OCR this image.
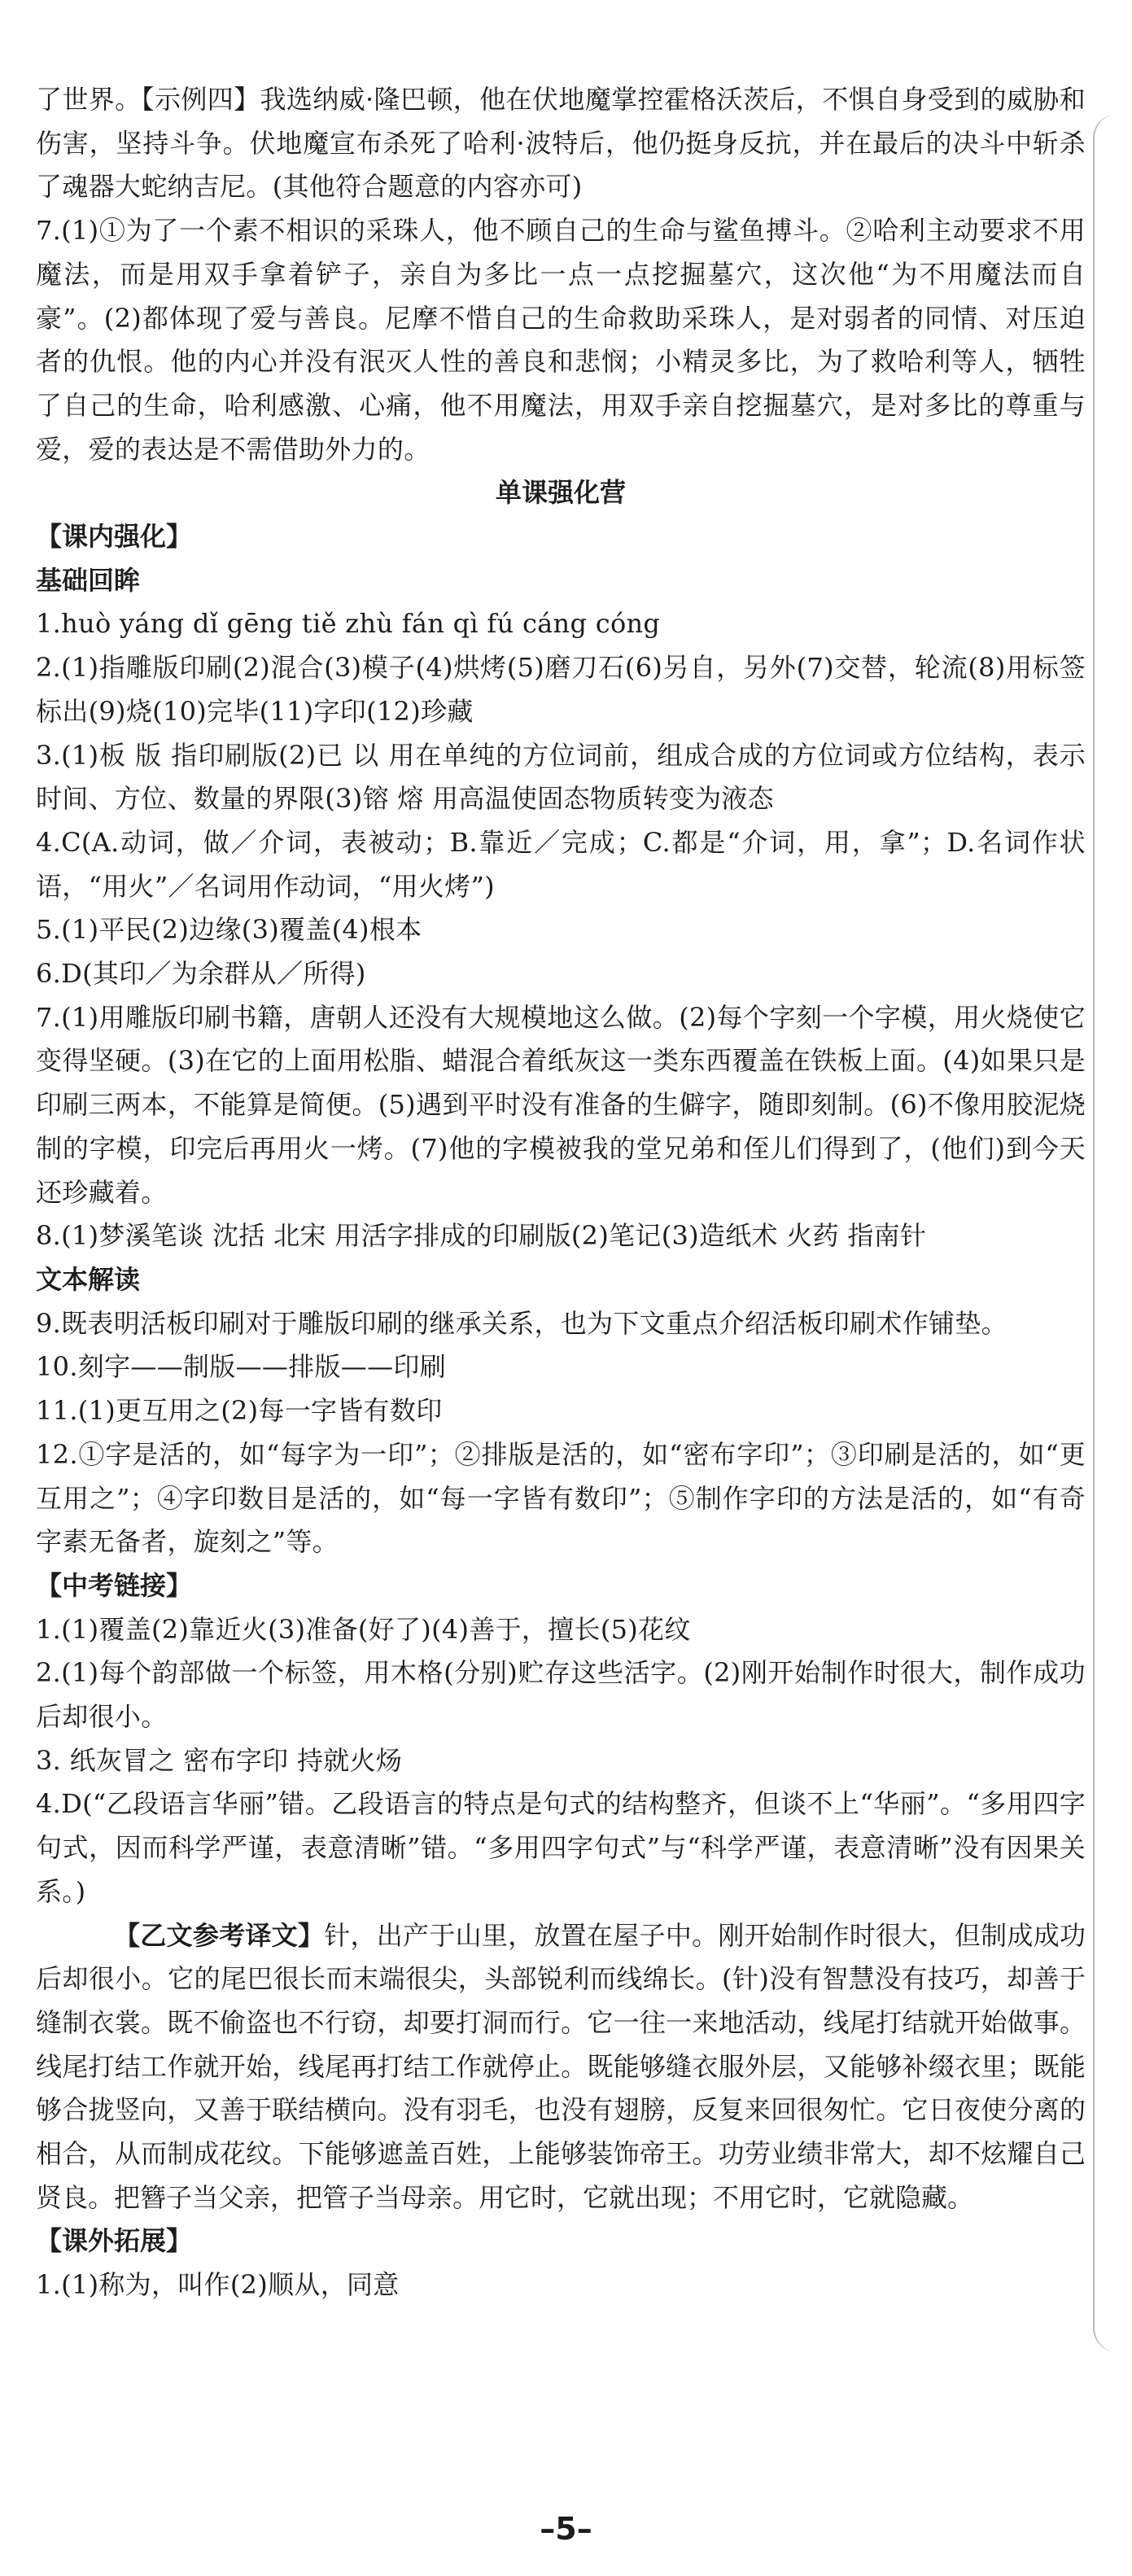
了世界。【示例四】我选纳威·隆巴顿，他在伏地魔掌控霍格沃茨后，不惧自身受到的威胁和伤害，坚持斗争。伏地魔宣布杀死了哈利·波特后，他仍挺身反抗，并在最后的决斗中斩杀了魂器大蛇纳吉尼。(其他符合题意的内容亦可)

7.(1)①为了一个素不相识的采珠人，他不顾自己的生命与鲨鱼搏斗。②哈利主动要求不用魔法，而是用双手拿着铲子，亲自为多比一点一点挖掘墓穴，这次他“为不用魔法而自豪”。(2)都体现了爱与善良。尼摩不惜自己的生命救助采珠人，是对弱者的同情、对压迫者的仇恨。他的内心并没有泯灭人性的善良和悲悯；小精灵多比，为了救哈利等人，牺牲了自己的生命，哈利感激、心痛，他不用魔法，用双手亲自挖掘墓穴，是对多比的尊重与爱，爱的表达是不需借助外力的。

单课强化营

【课内强化】

基础回眸

1.huò yáng dǐ gēng tiě zhù fán qì fú cáng cóng

2.(1)指雕版印刷(2)混合(3)模子(4)烘烤(5)磨刀石(6)另自，另外(7)交替，轮流(8)用标签标出(9)烧(10)完毕(11)字印(12)珍藏

3.(1)板 版 指印刷版(2)已 以 用在单纯的方位词前，组成合成的方位词或方位结构，表示时间、方位、数量的界限(3)镕 熔 用高温使固态物质转变为液态

4.C(A.动词，做／介词，表被动；B.靠近／完成；C.都是“介词，用，拿”；D.名词作状语，“用火”／名词用作动词，“用火烤”)

5.(1)平民(2)边缘(3)覆盖(4)根本

6.D(其印／为余群从／所得)

7.(1)用雕版印刷书籍，唐朝人还没有大规模地这么做。(2)每个字刻一个字模，用火烧使它变得坚硬。(3)在它的上面用松脂、蜡混合着纸灰这一类东西覆盖在铁板上面。(4)如果只是印刷三两本，不能算是简便。(5)遇到平时没有准备的生僻字，随即刻制。(6)不像用胶泥烧制的字模，印完后再用火一烤。(7)他的字模被我的堂兄弟和侄儿们得到了，(他们)到今天还珍藏着。

8.(1)梦溪笔谈 沈括 北宋 用活字排成的印刷版(2)笔记(3)造纸术 火药 指南针

文本解读

9.既表明活板印刷对于雕版印刷的继承关系，也为下文重点介绍活板印刷术作铺垫。

10.刻字——制版——排版——印刷

11.(1)更互用之(2)每一字皆有数印

12.①字是活的，如“每字为一印”；②排版是活的，如“密布字印”；③印刷是活的，如“更互用之”；④字印数目是活的，如“每一字皆有数印”；⑤制作字印的方法是活的，如“有奇字素无备者，旋刻之”等。

【中考链接】

1.(1)覆盖(2)靠近火(3)准备(好了)(4)善于，擅长(5)花纹

2.(1)每个韵部做一个标签，用木格(分别)贮存这些活字。(2)刚开始制作时很大，制作成功后却很小。

3. 纸灰冒之 密布字印 持就火炀

4.D(“乙段语言华丽”错。乙段语言的特点是句式的结构整齐，但谈不上“华丽”。“多用四字句式，因而科学严谨，表意清晰”错。“多用四字句式”与“科学严谨，表意清晰”没有因果关系。)

【乙文参考译文】针，出产于山里，放置在屋子中。刚开始制作时很大，但制成成功后却很小。它的尾巴很长而末端很尖，头部锐利而线绵长。(针)没有智慧没有技巧，却善于缝制衣裳。既不偷盗也不行窃，却要打洞而行。它一往一来地活动，线尾打结就开始做事。线尾打结工作就开始，线尾再打结工作就停止。既能够缝衣服外层，又能够补缀衣里；既能够合拢竖向，又善于联结横向。没有羽毛，也没有翅膀，反复来回很匆忙。它日夜使分离的相合，从而制成花纹。下能够遮盖百姓，上能够装饰帝王。功劳业绩非常大，却不炫耀自己贤良。把簪子当父亲，把管子当母亲。用它时，它就出现；不用它时，它就隐藏。

【课外拓展】

1.(1)称为，叫作(2)顺从，同意

–5–
